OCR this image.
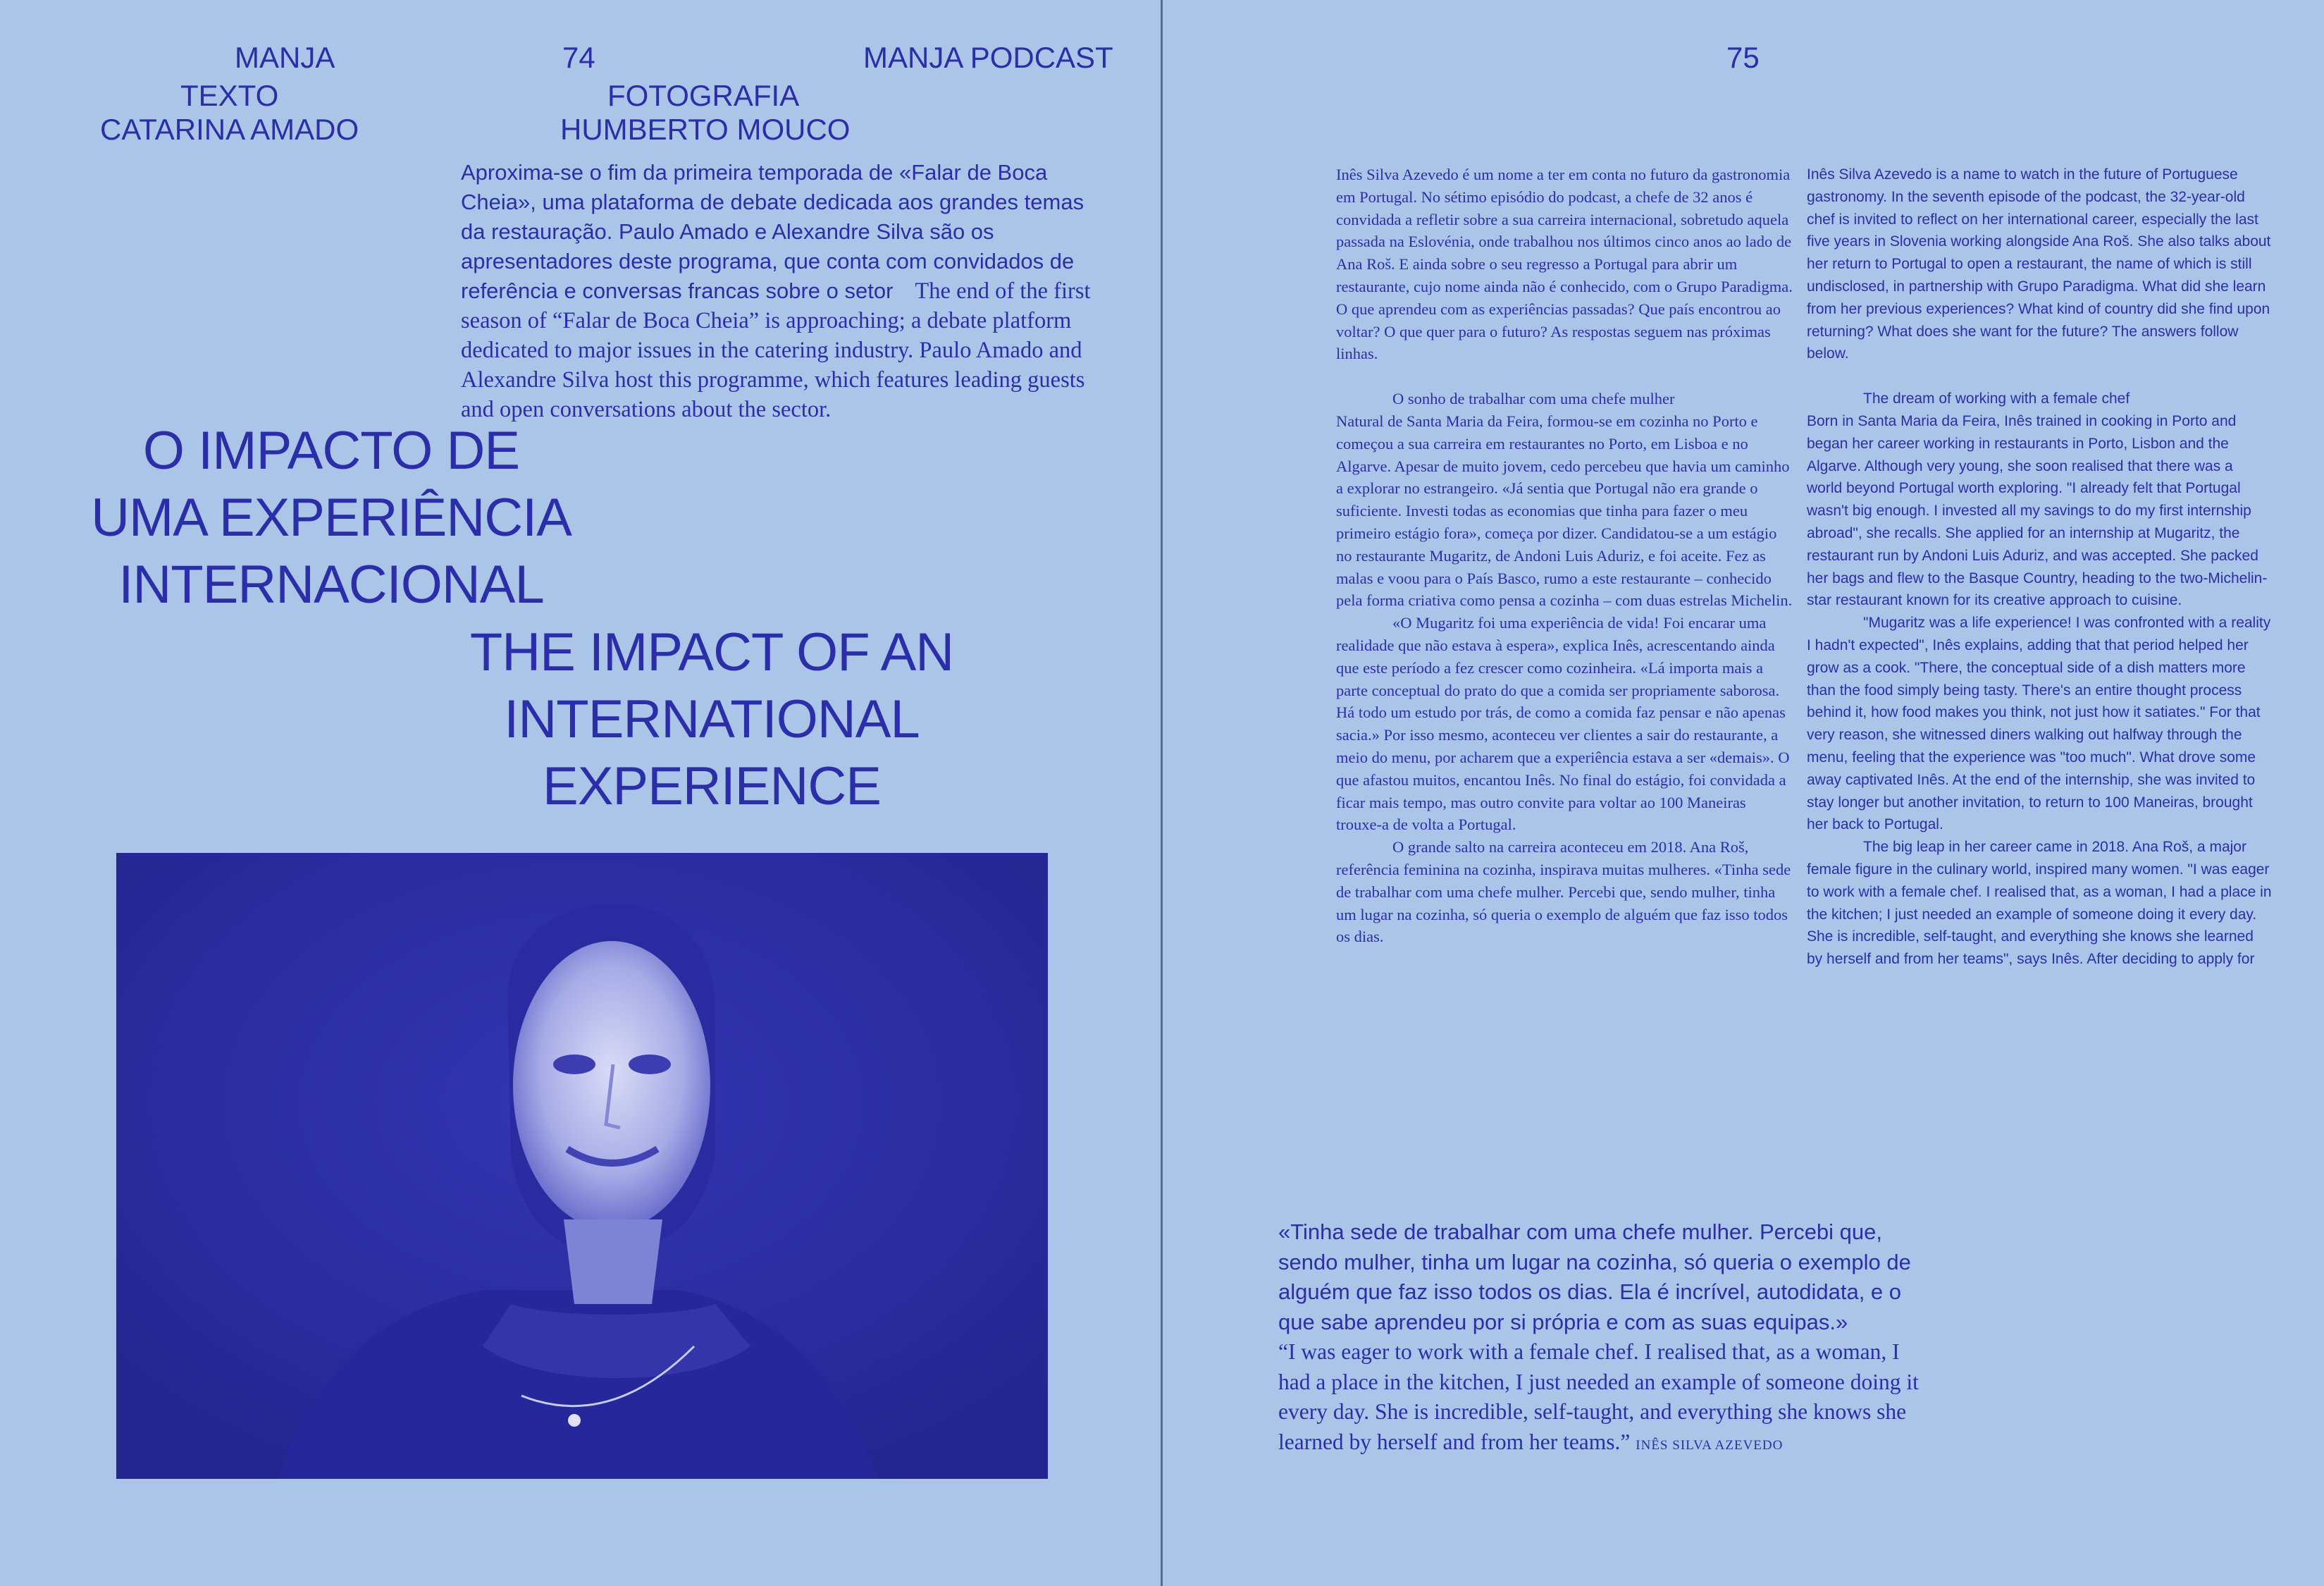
MANJA	74	MANJA PODCAST
TEXTO
CATARINA AMADO
FOTOGRAFIA
HUMBERTO MOUCO
Aproxima-se o fim da primeira temporada de «Falar de Boca Cheia», uma plataforma de debate dedicada aos grandes temas da restauração. Paulo Amado e Alexandre Silva são os apresentadores deste programa, que conta com convidados de referência e conversas francas sobre o setor The end of the first season of “Falar de Boca Cheia” is approaching; a debate platform dedicated to major issues in the catering industry. Paulo Amado and Alexandre Silva host this programme, which features leading guests and open conversations about the sector.
O IMPACTO DE
UMA EXPERIÊNCIA
INTERNACIONAL
THE IMPACT OF AN
INTERNATIONAL
EXPERIENCE
75

Inês Silva Azevedo é um nome a ter em conta no futuro da gastronomia em Portugal. No sétimo episódio do podcast, a chefe de 32 anos é convidada a refletir sobre a sua carreira internacional, sobretudo aquela passada na Eslovénia, onde trabalhou nos últimos cinco anos ao lado de Ana Roš. E ainda sobre o seu regresso a Portugal para abrir um restaurante, cujo nome ainda não é conhecido, com o Grupo Paradigma. O que aprendeu com as experiências passadas? Que país encontrou ao voltar? O que quer para o futuro? As respostas seguem nas próximas linhas.

O sonho de trabalhar com uma chefe mulher

Natural de Santa Maria da Feira, formou-se em cozinha no Porto e começou a sua carreira em restaurantes no Porto, em Lisboa e no Algarve. Apesar de muito jovem, cedo percebeu que havia um caminho a explorar no estrangeiro. «Já sentia que Portugal não era grande o suficiente. Investi todas as economias que tinha para fazer o meu primeiro estágio fora», começa por dizer. Candidatou-se a um estágio no restaurante Mugaritz, de Andoni Luis Aduriz, e foi aceite. Fez as malas e voou para o País Basco, rumo a este restaurante – conhecido pela forma criativa como pensa a cozinha – com duas estrelas Michelin.

«O Mugaritz foi uma experiência de vida! Foi encarar uma realidade que não estava à espera», explica Inês, acrescentando ainda que este período a fez crescer como cozinheira. «Lá importa mais a parte conceptual do prato do que a comida ser propriamente saborosa. Há todo um estudo por trás, de como a comida faz pensar e não apenas sacia.» Por isso mesmo, aconteceu ver clientes a sair do restaurante, a meio do menu, por acharem que a experiência estava a ser «demais». O que afastou muitos, encantou Inês. No final do estágio, foi convidada a ficar mais tempo, mas outro convite para voltar ao 100 Maneiras trouxe-a de volta a Portugal.

O grande salto na carreira aconteceu em 2018. Ana Roš, referência feminina na cozinha, inspirava muitas mulheres. «Tinha sede de trabalhar com uma chefe mulher. Percebi que, sendo mulher, tinha um lugar na cozinha, só queria o exemplo de alguém que faz isso todos os dias.

Inês Silva Azevedo is a name to watch in the future of Portuguese gastronomy. In the seventh episode of the podcast, the 32-year-old chef is invited to reflect on her international career, especially the last five years in Slovenia working alongside Ana Roš. She also talks about her return to Portugal to open a restaurant, the name of which is still undisclosed, in partnership with Grupo Paradigma. What did she learn from her previous experiences? What kind of country did she find upon returning? What does she want for the future? The answers follow below.

The dream of working with a female chef

Born in Santa Maria da Feira, Inês trained in cooking in Porto and began her career working in restaurants in Porto, Lisbon and the Algarve. Although very young, she soon realised that there was a world beyond Portugal worth exploring. "I already felt that Portugal wasn't big enough. I invested all my savings to do my first internship abroad", she recalls. She applied for an internship at Mugaritz, the restaurant run by Andoni Luis Aduriz, and was accepted. She packed her bags and flew to the Basque Country, heading to the two-Michelin-star restaurant known for its creative approach to cuisine.

"Mugaritz was a life experience! I was confronted with a reality I hadn't expected", Inês explains, adding that that period helped her grow as a cook. "There, the conceptual side of a dish matters more than the food simply being tasty. There's an entire thought process behind it, how food makes you think, not just how it satiates." For that very reason, she witnessed diners walking out halfway through the menu, feeling that the experience was "too much". What drove some away captivated Inês. At the end of the internship, she was invited to stay longer but another invitation, to return to 100 Maneiras, brought her back to Portugal.

The big leap in her career came in 2018. Ana Roš, a major female figure in the culinary world, inspired many women. "I was eager to work with a female chef. I realised that, as a woman, I had a place in the kitchen; I just needed an example of someone doing it every day. She is incredible, self-taught, and everything she knows she learned by herself and from her teams", says Inês. After deciding to apply for

«Tinha sede de trabalhar com uma chefe mulher. Percebi que, sendo mulher, tinha um lugar na cozinha, só queria o exemplo de alguém que faz isso todos os dias. Ela é incrível, autodidata, e o que sabe aprendeu por si própria e com as suas equipas.»
“I was eager to work with a female chef. I realised that, as a woman, I had a place in the kitchen, I just needed an example of someone doing it every day. She is incredible, self-taught, and everything she knows she learned by herself and from her teams.” INÊS SILVA AZEVEDO
